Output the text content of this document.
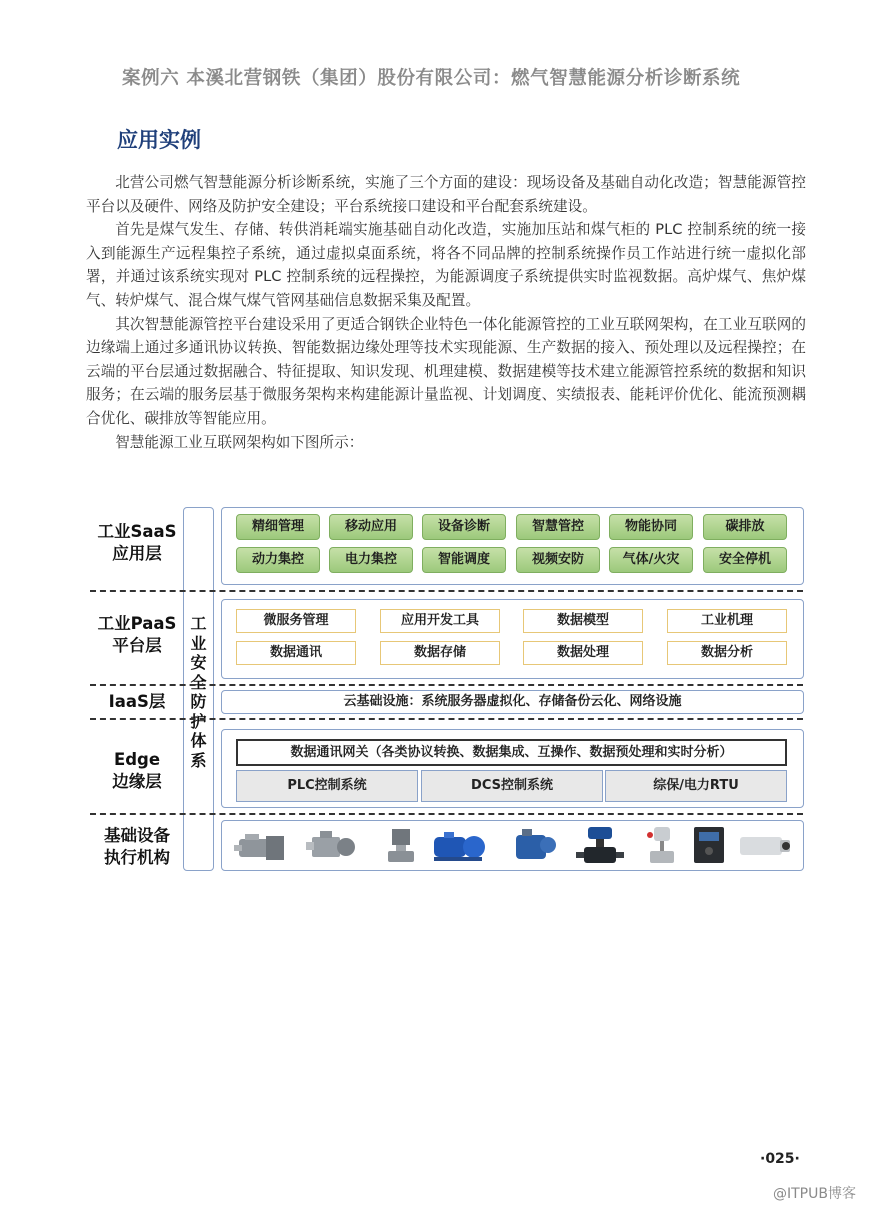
案例六 本溪北营钢铁（集团）股份有限公司：燃气智慧能源分析诊断系统
应用实例

北营公司燃气智慧能源分析诊断系统，实施了三个方面的建设：现场设备及基础自动化改造；智慧能源管控平台以及硬件、网络及防护安全建设；平台系统接口建设和平台配套系统建设。

首先是煤气发生、存储、转供消耗端实施基础自动化改造，实施加压站和煤气柜的 PLC 控制系统的统一接入到能源生产远程集控子系统，通过虚拟桌面系统，将各不同品牌的控制系统操作员工作站进行统一虚拟化部署，并通过该系统实现对 PLC 控制系统的远程操控，为能源调度子系统提供实时监视数据。高炉煤气、焦炉煤气、转炉煤气、混合煤气煤气管网基础信息数据采集及配置。

其次智慧能源管控平台建设采用了更适合钢铁企业特色一体化能源管控的工业互联网架构，在工业互联网的边缘端上通过多通讯协议转换、智能数据边缘处理等技术实现能源、生产数据的接入、预处理以及远程操控；在云端的平台层通过数据融合、特征提取、知识发现、机理建模、数据建模等技术建立能源管控系统的数据和知识服务；在云端的服务层基于微服务架构来构建能源计量监视、计划调度、实绩报表、能耗评价优化、能流预测耦合优化、碳排放等智能应用。

智慧能源工业互联网架构如下图所示：

工业SaaS
应用层
工业PaaS
平台层
IaaS层
Edge
边缘层
基础设备
执行机构
工业安全防护体系
精细管理	移动应用	设备诊断	智慧管控	物能协同	碳排放
动力集控	电力集控	智能调度	视频安防	气体/火灾	安全停机
微服务管理	应用开发工具	数据模型	工业机理
数据通讯	数据存储	数据处理	数据分析
云基础设施：系统服务器虚拟化、存储备份云化、网络设施
数据通讯网关（各类协议转换、数据集成、互操作、数据预处理和实时分析）
PLC控制系统	DCS控制系统	综保/电力RTU
·025·
@ITPUB博客
